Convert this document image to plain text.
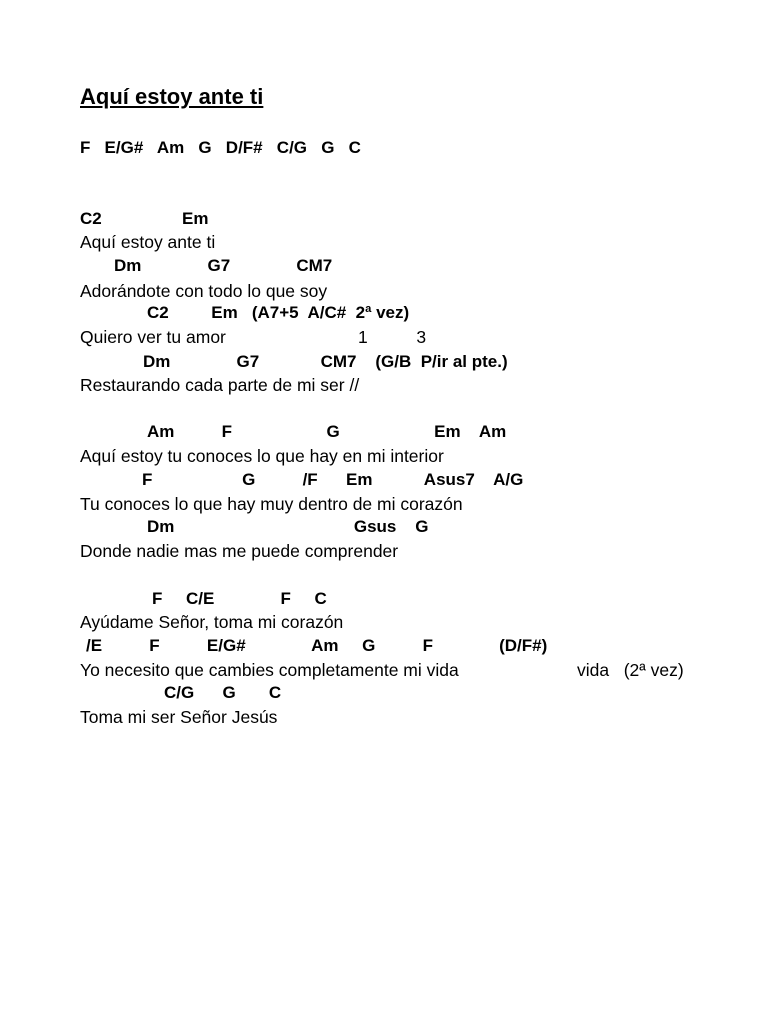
Aquí estoy ante ti
F   E/G#   Am   G   D/F#   C/G   G   C
C2                 Em
Aquí estoy ante ti
Dm              G7              CM7
Adorándote con todo lo que soy
C2         Em   (A7+5  A/C#  2ª vez)
Quiero ver tu amor	1          3
Dm              G7             CM7    (G/B  P/ir al pte.)
Restaurando cada parte de mi ser //
Am          F                    G                    Em    Am
Aquí estoy tu conoces lo que hay en mi interior
F                   G          /F      Em           Asus7    A/G
Tu conoces lo que hay muy dentro de mi corazón
Dm                                      Gsus    G
Donde nadie mas me puede comprender
F     C/E              F     C
Ayúdame Señor, toma mi corazón
/E          F          E/G#              Am     G          F              (D/F#)
Yo necesito que cambies completamente mi vida	vida   (2ª vez)
C/G      G       C
Toma mi ser Señor Jesús
